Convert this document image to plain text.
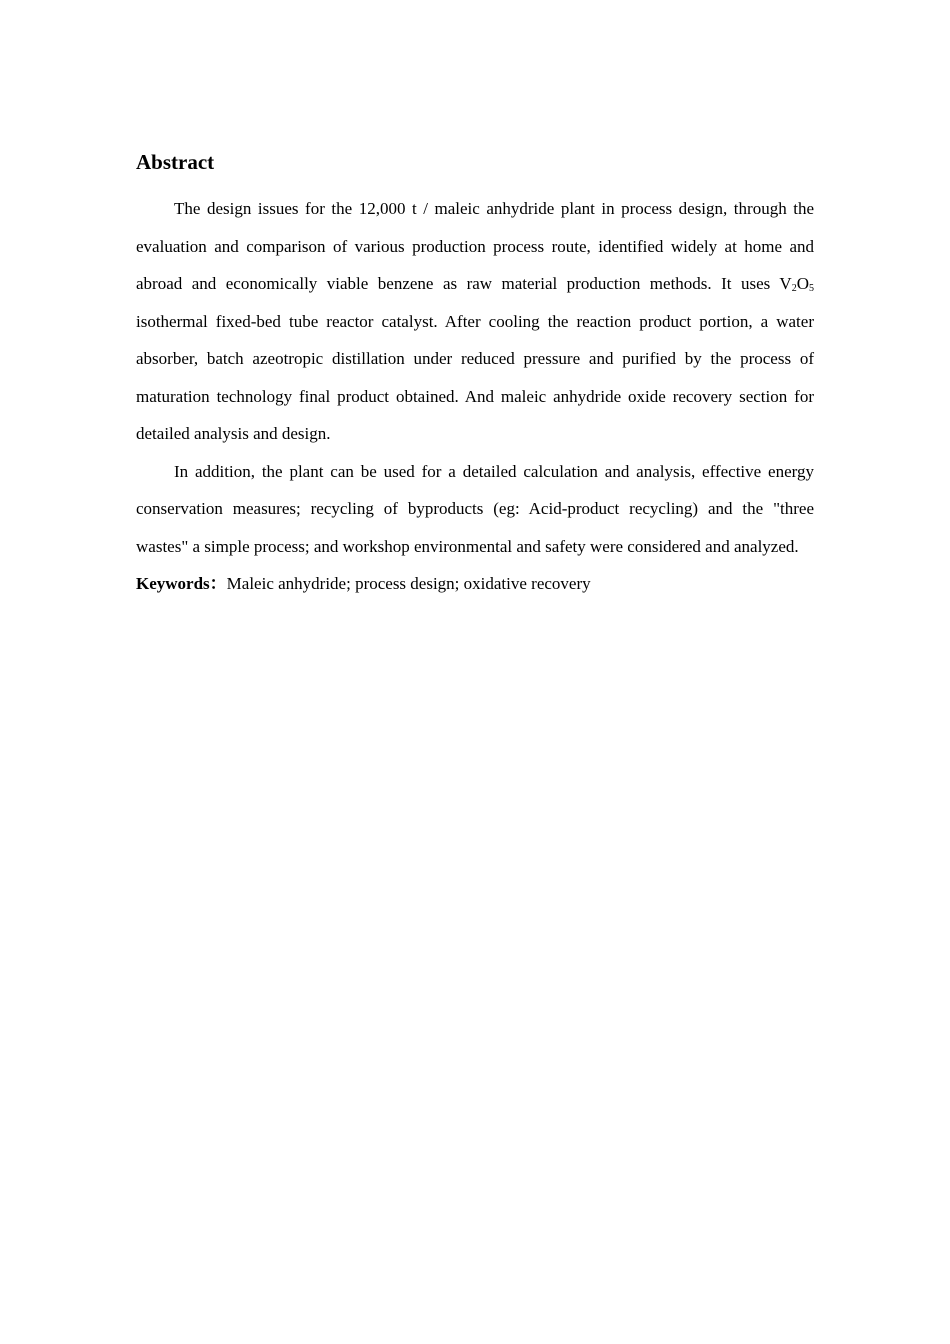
Abstract

The design issues for the 12,000 t / maleic anhydride plant in process design, through the evaluation and comparison of various production process route, identified widely at home and abroad and economically viable benzene as raw material production methods. It uses $V_2O_5$ isothermal fixed-bed tube reactor catalyst. After cooling the reaction product portion, a water absorber, batch azeotropic distillation under reduced pressure and purified by the process of maturation technology final product obtained. And maleic anhydride oxide recovery section for detailed analysis and design.

In addition, the plant can be used for a detailed calculation and analysis, effective energy conservation measures; recycling of byproducts (eg: Acid-product recycling) and the "three wastes" a simple process; and workshop environmental and safety were considered and analyzed.

Keywords：Maleic anhydride; process design; oxidative recovery
